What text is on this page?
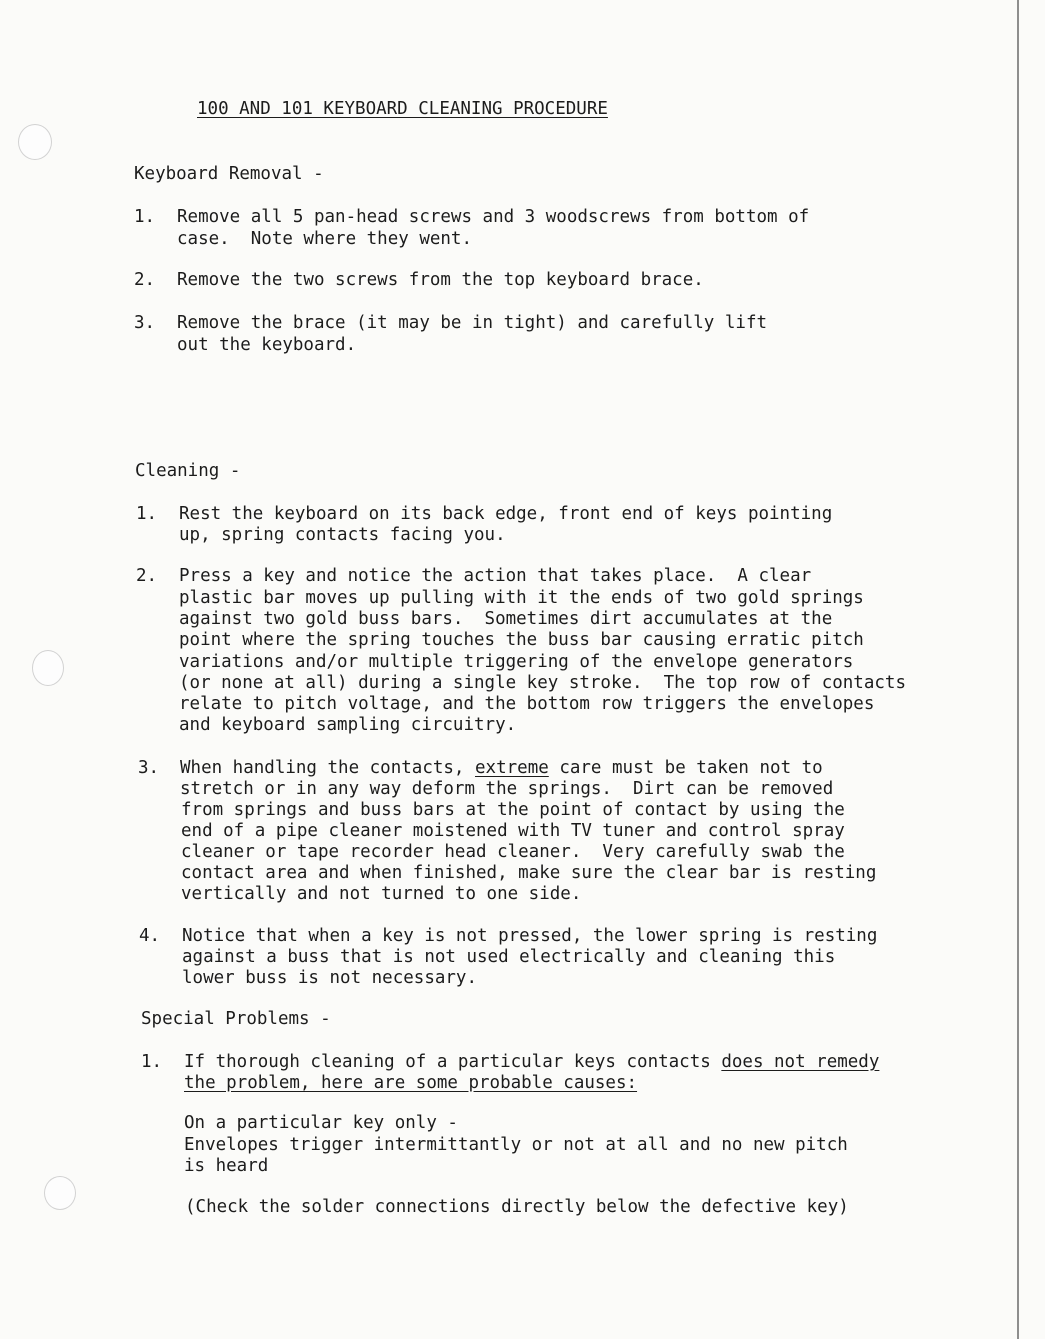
100 AND 101 KEYBOARD CLEANING PROCEDURE
Keyboard Removal -
1. Remove all 5 pan-head screws and 3 woodscrews from bottom of
case.  Note where they went.
2. Remove the two screws from the top keyboard brace.
3. Remove the brace (it may be in tight) and carefully lift
out the keyboard.
Cleaning -
1. Rest the keyboard on its back edge, front end of keys pointing
up, spring contacts facing you.
2. Press a key and notice the action that takes place.  A clear
plastic bar moves up pulling with it the ends of two gold springs
against two gold buss bars.  Sometimes dirt accumulates at the
point where the spring touches the buss bar causing erratic pitch
variations and/or multiple triggering of the envelope generators
(or none at all) during a single key stroke.  The top row of contacts
relate to pitch voltage, and the bottom row triggers the envelopes
and keyboard sampling circuitry.
3. When handling the contacts, extreme care must be taken not to
stretch or in any way deform the springs.  Dirt can be removed
from springs and buss bars at the point of contact by using the
end of a pipe cleaner moistened with TV tuner and control spray
cleaner or tape recorder head cleaner.  Very carefully swab the
contact area and when finished, make sure the clear bar is resting
vertically and not turned to one side.
4. Notice that when a key is not pressed, the lower spring is resting
against a buss that is not used electrically and cleaning this
lower buss is not necessary.
Special Problems -
1. If thorough cleaning of a particular keys contacts does not remedy
the problem, here are some probable causes:
On a particular key only -
Envelopes trigger intermittantly or not at all and no new pitch
is heard
(Check the solder connections directly below the defective key)
